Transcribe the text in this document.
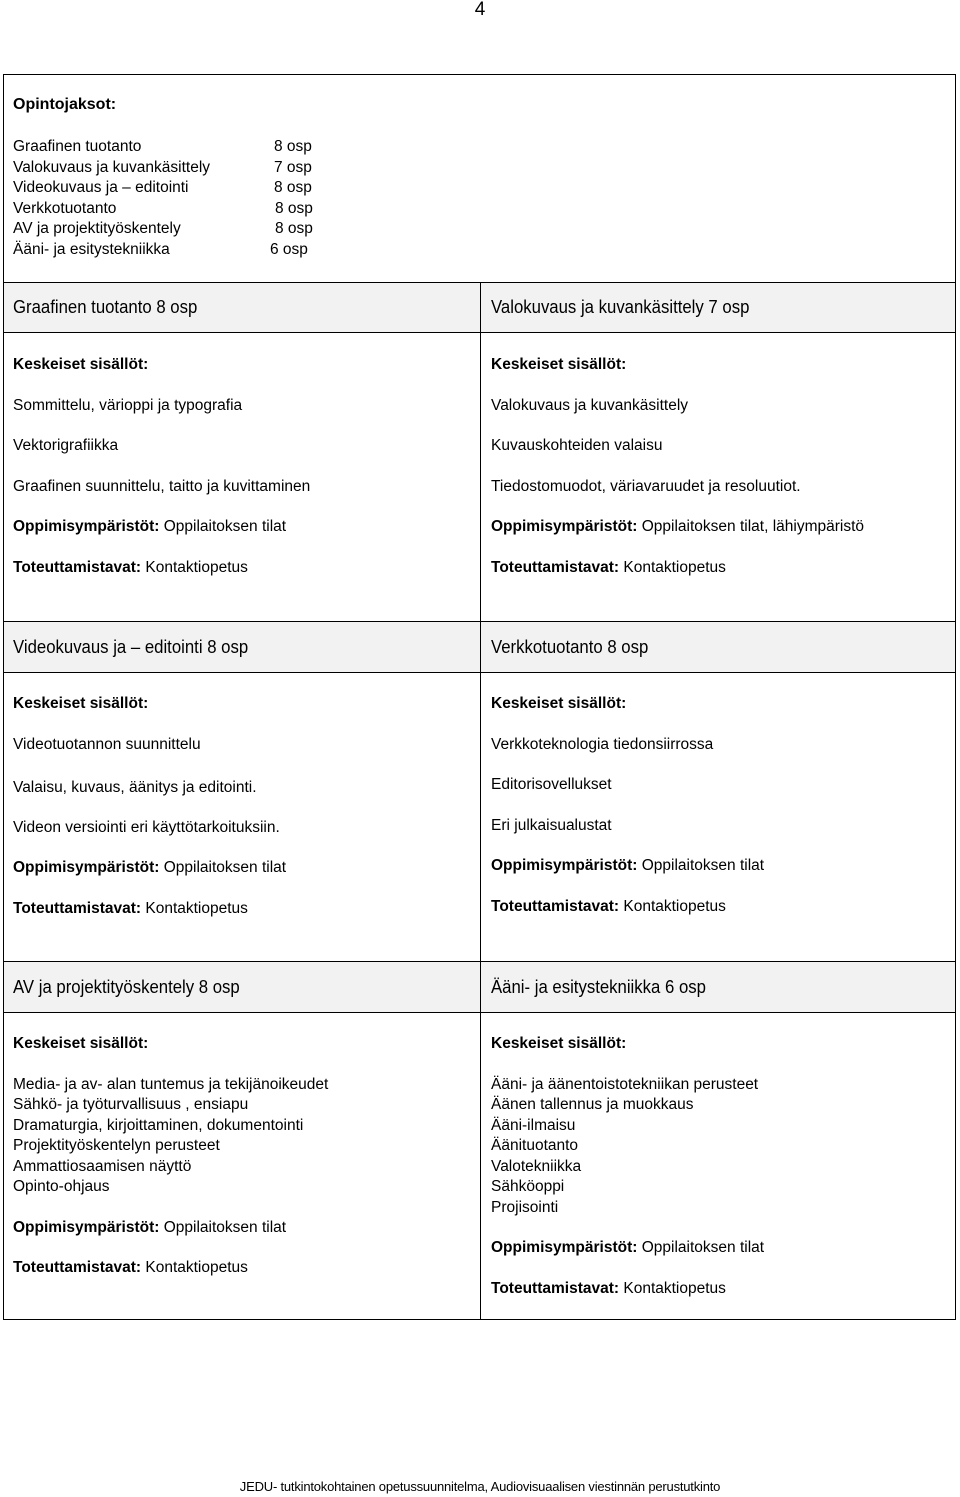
4
Opintojaksot:
Graafinen tuotanto	8 osp
Valokuvaus ja kuvankäsittely	7 osp
Videokuvaus ja – editointi	8 osp
Verkkotuotanto	8 osp
AV ja projektityöskentely	8 osp
Ääni- ja esitystekniikka	6 osp
Graafinen tuotanto 8 osp	Valokuvaus ja kuvankäsittely 7 osp
Keskeiset sisällöt:
Sommittelu, värioppi ja typografia
Vektorigrafiikka
Graafinen suunnittelu, taitto ja kuvittaminen
Oppimisympäristöt: Oppilaitoksen tilat
Toteuttamistavat: Kontaktiopetus
Keskeiset sisällöt:
Valokuvaus ja kuvankäsittely
Kuvauskohteiden valaisu
Tiedostomuodot, väriavaruudet ja resoluutiot.
Oppimisympäristöt: Oppilaitoksen tilat, lähiympäristö
Toteuttamistavat: Kontaktiopetus
Videokuvaus ja – editointi 8 osp	Verkkotuotanto 8 osp
Keskeiset sisällöt:
Videotuotannon suunnittelu
Valaisu, kuvaus, äänitys ja editointi.
Videon versiointi eri käyttötarkoituksiin.
Oppimisympäristöt: Oppilaitoksen tilat
Toteuttamistavat: Kontaktiopetus
Keskeiset sisällöt:
Verkkoteknologia tiedonsiirrossa
Editorisovellukset
Eri julkaisualustat
Oppimisympäristöt: Oppilaitoksen tilat
Toteuttamistavat: Kontaktiopetus
AV ja projektityöskentely 8 osp	Ääni- ja esitystekniikka 6 osp
Keskeiset sisällöt:
Media- ja av- alan tuntemus ja tekijänoikeudet
Sähkö- ja työturvallisuus , ensiapu
Dramaturgia, kirjoittaminen, dokumentointi
Projektityöskentelyn perusteet
Ammattiosaamisen näyttö
Opinto-ohjaus
Oppimisympäristöt: Oppilaitoksen tilat
Toteuttamistavat: Kontaktiopetus
Keskeiset sisällöt:
Ääni- ja äänentoistotekniikan perusteet
Äänen tallennus ja muokkaus
Ääni-ilmaisu
Äänituotanto
Valotekniikka
Sähköoppi
Projisointi
Oppimisympäristöt: Oppilaitoksen tilat
Toteuttamistavat: Kontaktiopetus
JEDU- tutkintokohtainen opetussuunnitelma, Audiovisuaalisen viestinnän perustutkinto
